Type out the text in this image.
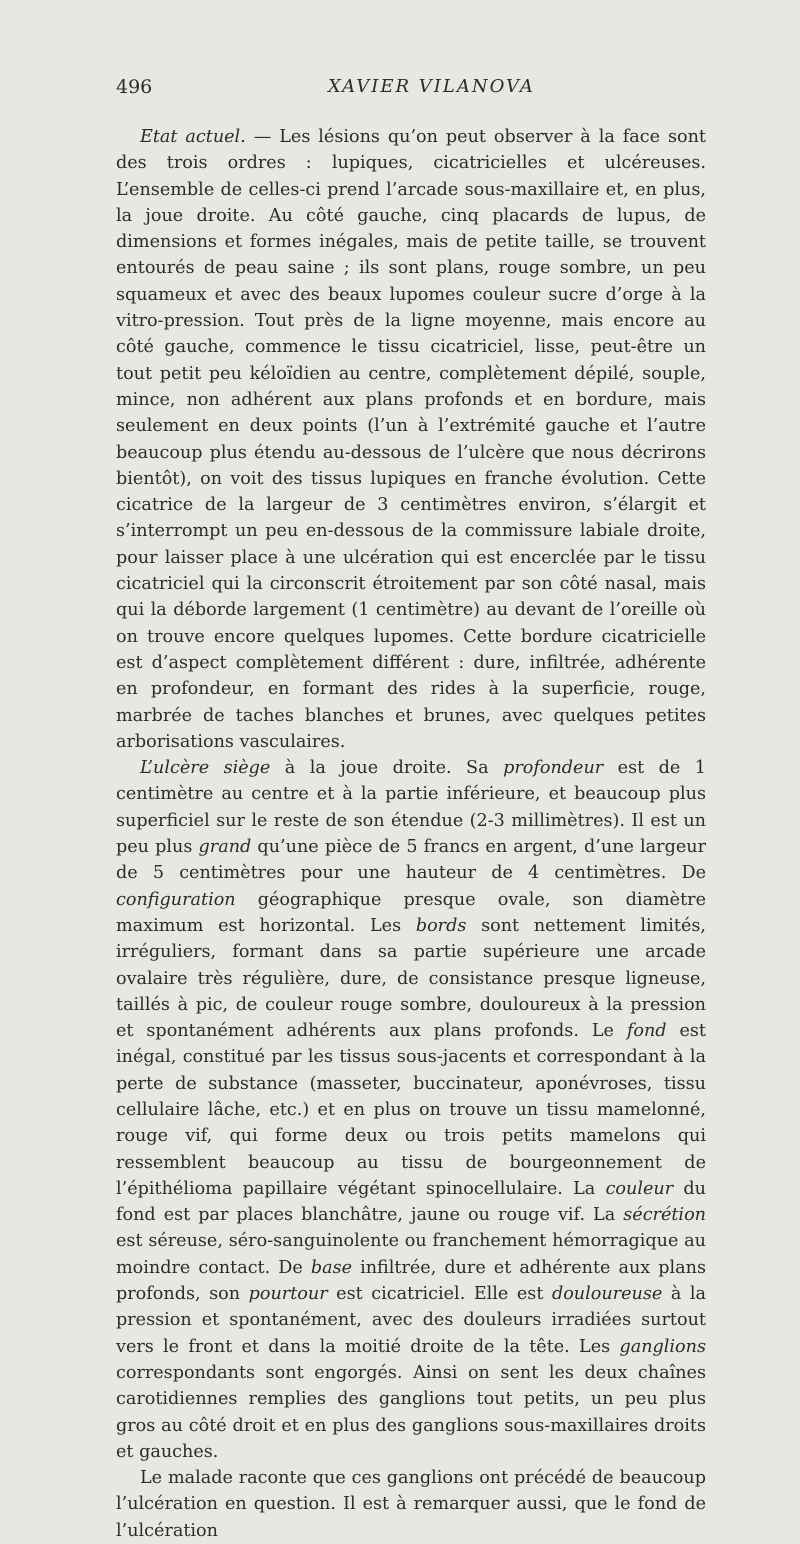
496	XAVIER VILANOVA

Etat actuel. — Les lésions qu’on peut observer à la face sont des trois ordres : lupiques, cicatricielles et ulcéreuses. L’ensemble de celles-ci prend l’arcade sous-maxillaire et, en plus, la joue droite. Au côté gauche, cinq placards de lupus, de dimensions et formes inégales, mais de petite taille, se trouvent entourés de peau saine ; ils sont plans, rouge sombre, un peu squameux et avec des beaux lupomes couleur sucre d’orge à la vitro-pression. Tout près de la ligne moyenne, mais encore au côté gauche, commence le tissu cicatriciel, lisse, peut-être un tout petit peu kéloïdien au centre, complètement dépilé, souple, mince, non adhérent aux plans profonds et en bordure, mais seulement en deux points (l’un à l’extrémité gauche et l’autre beaucoup plus étendu au-dessous de l’ulcère que nous décrirons bientôt), on voit des tissus lupiques en franche évolution. Cette cicatrice de la largeur de 3 centimètres environ, s’élargit et s’interrompt un peu en-dessous de la commissure labiale droite, pour laisser place à une ulcération qui est encerclée par le tissu cicatriciel qui la circonscrit étroitement par son côté nasal, mais qui la déborde largement (1 centimètre) au devant de l’oreille où on trouve encore quelques lupomes. Cette bordure cicatricielle est d’aspect complètement différent : dure, infiltrée, adhérente en profondeur, en formant des rides à la superficie, rouge, marbrée de taches blanches et brunes, avec quelques petites arborisations vasculaires.

L’ulcère siège à la joue droite. Sa profondeur est de 1 centimètre au centre et à la partie inférieure, et beaucoup plus superficiel sur le reste de son étendue (2-3 millimètres). Il est un peu plus grand qu’une pièce de 5 francs en argent, d’une largeur de 5 centimètres pour une hauteur de 4 centimètres. De configuration géographique presque ovale, son diamètre maximum est horizontal. Les bords sont nettement limités, irréguliers, formant dans sa partie supérieure une arcade ovalaire très régulière, dure, de consistance presque ligneuse, taillés à pic, de couleur rouge sombre, douloureux à la pression et spontanément adhérents aux plans profonds. Le fond est inégal, constitué par les tissus sous-jacents et correspondant à la perte de substance (masseter, buccinateur, aponévroses, tissu cellulaire lâche, etc.) et en plus on trouve un tissu mamelonné, rouge vif, qui forme deux ou trois petits mamelons qui ressemblent beaucoup au tissu de bourgeonnement de l’épithélioma papillaire végétant spinocellulaire. La couleur du fond est par places blanchâtre, jaune ou rouge vif. La sécrétion est séreuse, séro-sanguinolente ou franchement hémorragique au moindre contact. De base infiltrée, dure et adhérente aux plans profonds, son pourtour est cicatriciel. Elle est douloureuse à la pression et spontanément, avec des douleurs irradiées surtout vers le front et dans la moitié droite de la tête. Les ganglions correspondants sont engorgés. Ainsi on sent les deux chaînes carotidiennes remplies des ganglions tout petits, un peu plus gros au côté droit et en plus des ganglions sous-maxillaires droits et gauches.

Le malade raconte que ces ganglions ont précédé de beaucoup l’ulcération en question. Il est à remarquer aussi, que le fond de l’ulcération
